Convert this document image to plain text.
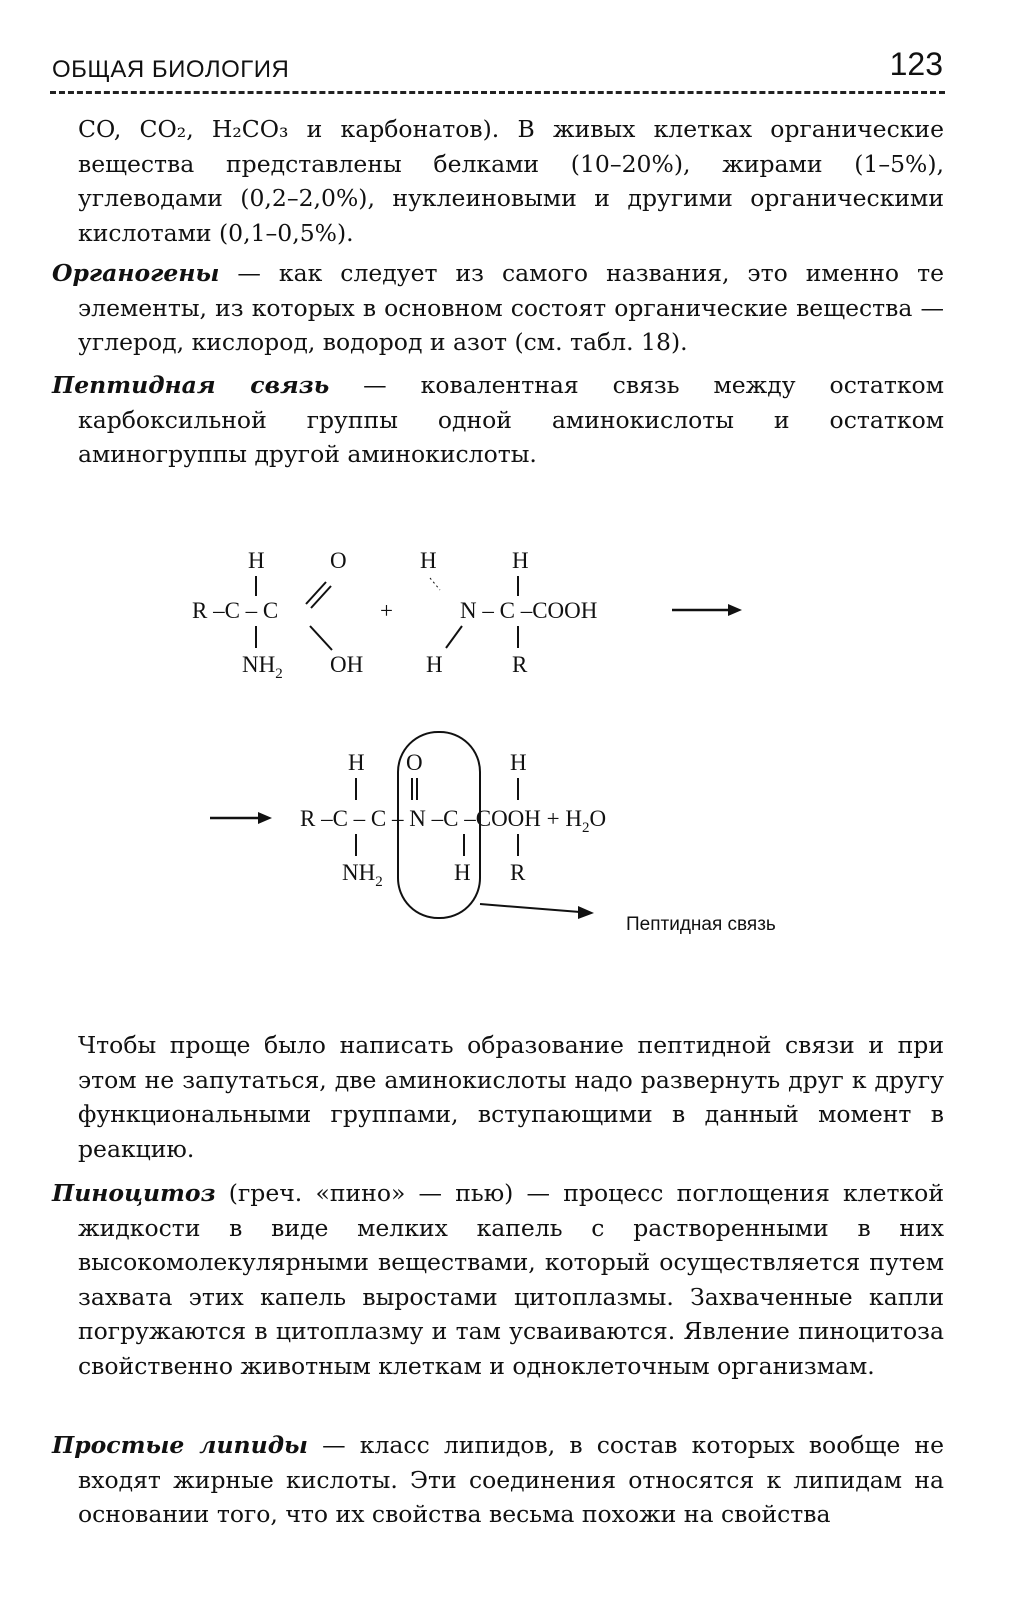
ОБЩАЯ БИОЛОГИЯ	123
CO, CO₂, H₂CO₃ и карбонатов). В живых клетках органические вещества представлены белками (10–20%), жирами (1–5%), углеводами (0,2–2,0%), нуклеиновыми и другими органическими кислотами (0,1–0,5%).
Органогены — как следует из самого названия, это именно те элементы, из которых в основном состоят органические вещества — углерод, кислород, водород и азот (см. табл. 18).
Пептидная связь — ковалентная связь между остатком карбоксильной группы одной аминокислоты и остатком аминогруппы другой аминокислоты.
H	O	H	H
R –C – C	+	N – C –COOH
$NH_2$ OH	H	R
H O	H
R –C – C – N –C –COOH + $H_2O$
$NH_2$	H R
Пептидная связь
Чтобы проще было написать образование пептидной связи и при этом не запутаться, две аминокислоты надо развернуть друг к другу функциональными группами, вступающими в данный момент в реакцию.
Пиноцитоз (греч. «пино» — пью) — процесс поглощения клеткой жидкости в виде мелких капель с растворенными в них высокомолекулярными веществами, который осуществляется путем захвата этих капель выростами цитоплазмы. Захваченные капли погружаются в цитоплазму и там усваиваются. Явление пиноцитоза свойственно животным клеткам и одноклеточным организмам.
Простые липиды — класс липидов, в состав которых вообще не входят жирные кислоты. Эти соединения относятся к липидам на основании того, что их свойства весьма похожи на свойства
